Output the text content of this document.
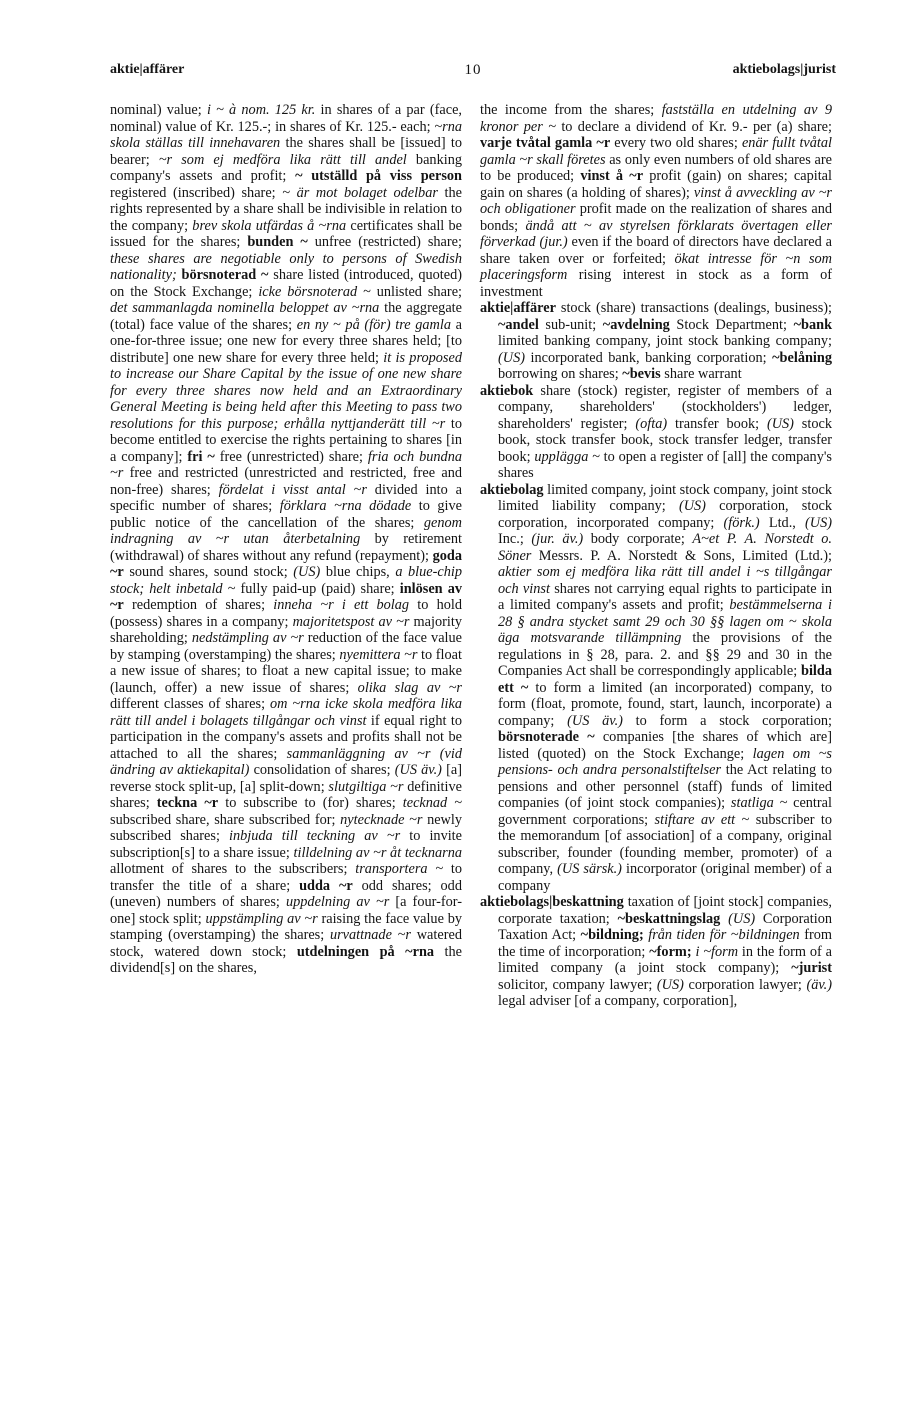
aktie|affärer	10	aktiebolags|jurist

nominal) value; i ~ à nom. 125 kr. in shares of a par (face, nominal) value of Kr. 125.-; in shares of Kr. 125.- each; ~rna skola ställas till innehavaren the shares shall be [issued] to bearer; ~r som ej medföra lika rätt till andel banking company's assets and profit; ~ utställd på viss person registered (inscribed) share; ~ är mot bolaget odelbar the rights represented by a share shall be indivisible in relation to the company; brev skola utfärdas å ~rna certificates shall be issued for the shares; bunden ~ unfree (restricted) share; these shares are negotiable only to persons of Swedish nationality; börsnoterad ~ share listed (introduced, quoted) on the Stock Exchange; icke börsnoterad ~ unlisted share; det sammanlagda nominella beloppet av ~rna the aggregate (total) face value of the shares; en ny ~ på (för) tre gamla a one-for-three issue; one new for every three shares held; [to distribute] one new share for every three held; it is proposed to increase our Share Capital by the issue of one new share for every three shares now held and an Extraordinary General Meeting is being held after this Meeting to pass two resolutions for this purpose; erhålla nyttjanderätt till ~r to become entitled to exercise the rights pertaining to shares [in a company]; fri ~ free (unrestricted) share; fria och bundna ~r free and restricted (unrestricted and restricted, free and non-free) shares; fördelat i visst antal ~r divided into a specific number of shares; förklara ~rna dödade to give public notice of the cancellation of the shares; genom indragning av ~r utan återbetalning by retirement (withdrawal) of shares without any refund (repayment); goda ~r sound shares, sound stock; (US) blue chips, a blue-chip stock; helt inbetald ~ fully paid-up (paid) share; inlösen av ~r redemption of shares; inneha ~r i ett bolag to hold (possess) shares in a company; majoritetspost av ~r majority shareholding; nedstämpling av ~r reduction of the face value by stamping (overstamping) the shares; nyemittera ~r to float a new issue of shares; to float a new capital issue; to make (launch, offer) a new issue of shares; olika slag av ~r different classes of shares; om ~rna icke skola medföra lika rätt till andel i bolagets tillgångar och vinst if equal right to participation in the company's assets and profits shall not be attached to all the shares; sammanläggning av ~r (vid ändring av aktiekapital) consolidation of shares; (US äv.) [a] reverse stock split-up, [a] split-down; slutgiltiga ~r definitive shares; teckna ~r to subscribe to (for) shares; tecknad ~ subscribed share, share subscribed for; nytecknade ~r newly subscribed shares; inbjuda till teckning av ~r to invite subscription[s] to a share issue; tilldelning av ~r åt tecknarna allotment of shares to the subscribers; transportera ~ to transfer the title of a share; udda ~r odd shares; odd (uneven) numbers of shares; uppdelning av ~r [a four-for-one] stock split; uppstämpling av ~r raising the face value by stamping (overstamping) the shares; urvattnade ~r watered stock, watered down stock; utdelningen på ~rna the dividend[s] on the shares,

the income from the shares; fastställa en utdelning av 9 kronor per ~ to declare a dividend of Kr. 9.- per (a) share; varje tvåtal gamla ~r every two old shares; enär fullt tvåtal gamla ~r skall företes as only even numbers of old shares are to be produced; vinst å ~r profit (gain) on shares; capital gain on shares (a holding of shares); vinst å avveckling av ~r och obligationer profit made on the realization of shares and bonds; ändå att ~ av styrelsen förklarats övertagen eller förverkad (jur.) even if the board of directors have declared a share taken over or forfeited; ökat intresse för ~n som placeringsform rising interest in stock as a form of investment

aktie|affärer stock (share) transactions (dealings, business); ~andel sub-unit; ~avdelning Stock Department; ~bank limited banking company, joint stock banking company; (US) incorporated bank, banking corporation; ~belåning borrowing on shares; ~bevis share warrant

aktiebok share (stock) register, register of members of a company, shareholders' (stockholders') ledger, shareholders' register; (ofta) transfer book; (US) stock book, stock transfer book, stock transfer ledger, transfer book; upplägga ~ to open a register of [all] the company's shares

aktiebolag limited company, joint stock company, joint stock limited liability company; (US) corporation, stock corporation, incorporated company; (förk.) Ltd., (US) Inc.; (jur. äv.) body corporate; A~et P. A. Norstedt o. Söner Messrs. P. A. Norstedt & Sons, Limited (Ltd.); aktier som ej medföra lika rätt till andel i ~s tillgångar och vinst shares not carrying equal rights to participate in a limited company's assets and profit; bestämmelserna i 28 § andra stycket samt 29 och 30 §§ lagen om ~ skola äga motsvarande tillämpning the provisions of the regulations in § 28, para. 2. and §§ 29 and 30 in the Companies Act shall be correspondingly applicable; bilda ett ~ to form a limited (an incorporated) company, to form (float, promote, found, start, launch, incorporate) a company; (US äv.) to form a stock corporation; börsnoterade ~ companies [the shares of which are] listed (quoted) on the Stock Exchange; lagen om ~s pensions- och andra personalstiftelser the Act relating to pensions and other personnel (staff) funds of limited companies (of joint stock companies); statliga ~ central government corporations; stiftare av ett ~ subscriber to the memorandum [of association] of a company, original subscriber, founder (founding member, promoter) of a company, (US särsk.) incorporator (original member) of a company

aktiebolags|beskattning taxation of [joint stock] companies, corporate taxation; ~beskattningslag (US) Corporation Taxation Act; ~bildning; från tiden för ~bildningen from the time of incorporation; ~form; i ~form in the form of a limited company (a joint stock company); ~jurist solicitor, company lawyer; (US) corporation lawyer; (äv.) legal adviser [of a company, corporation],
